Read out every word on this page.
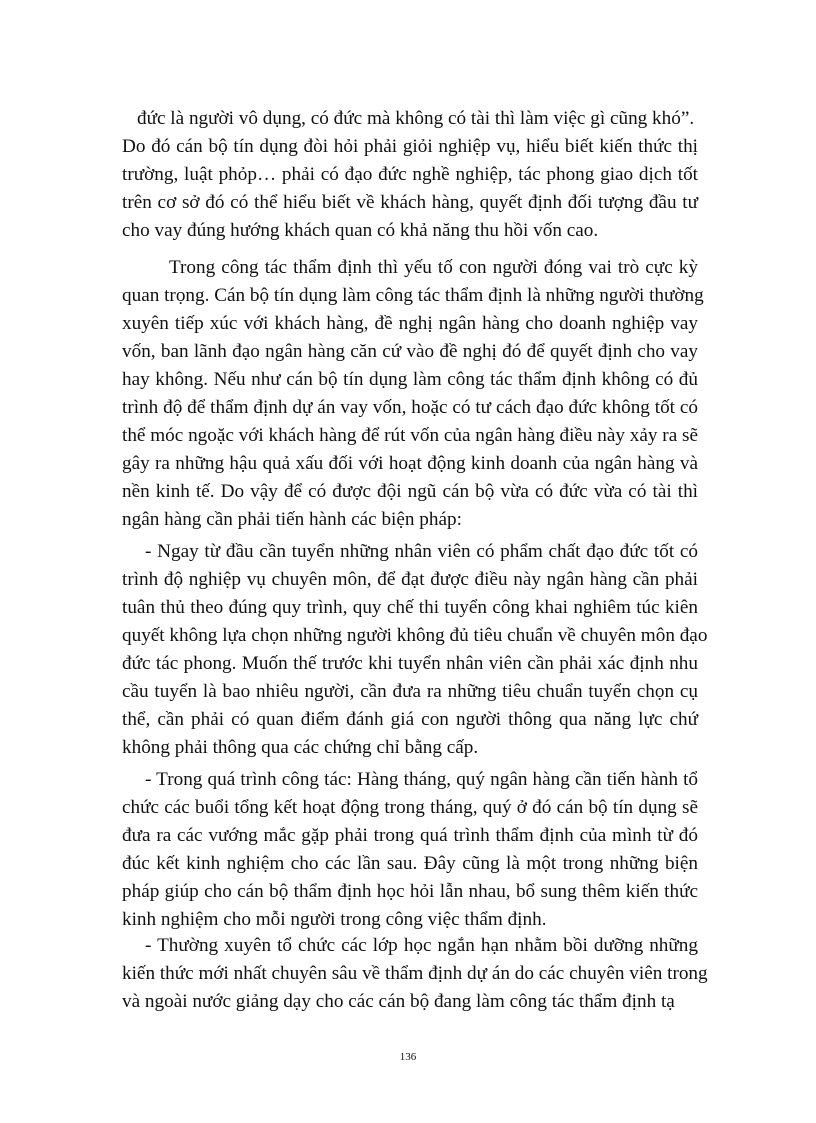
đức là người vô dụng, có đức mà không có tài thì làm việc gì cũng khó”.
Do đó cán bộ tín dụng đòi hỏi phải giỏi nghiệp vụ, hiểu biết kiến thức thị
trường, luật phỏp… phải có đạo đức nghề nghiệp, tác phong giao dịch tốt
trên cơ sở đó có thể hiểu biết về khách hàng, quyết định đối tượng đầu tư
cho vay đúng hướng khách quan có khả năng thu hồi vốn cao.
Trong công tác thẩm định thì yếu tố con người đóng vai trò cực kỳ
quan trọng. Cán bộ tín dụng làm công tác thẩm định là những người thường
xuyên tiếp xúc với khách hàng, đề nghị ngân hàng cho doanh nghiệp vay
vốn, ban lãnh đạo ngân hàng căn cứ vào đề nghị đó để quyết định cho vay
hay không. Nếu như cán bộ tín dụng làm công tác thẩm định không có đủ
trình độ để thẩm định dự án vay vốn, hoặc có tư cách đạo đức không tốt có
thể móc ngoặc với khách hàng để rút vốn của ngân hàng điều này xảy ra sẽ
gây ra những hậu quả xấu đối với hoạt động kinh doanh của ngân hàng và
nền kinh tế. Do vậy để có được đội ngũ cán bộ vừa có đức vừa có tài thì
ngân hàng cần phải tiến hành các biện pháp:
- Ngay từ đầu cần tuyển những nhân viên có phẩm chất đạo đức tốt có
trình độ nghiệp vụ chuyên môn, để đạt được điều này ngân hàng cần phải
tuân thủ theo đúng quy trình, quy chế thi tuyển công khai nghiêm túc kiên
quyết không lựa chọn những người không đủ tiêu chuẩn về chuyên môn đạo
đức tác phong. Muốn thế trước khi tuyển nhân viên cần phải xác định nhu
cầu tuyển là bao nhiêu người, cần đưa ra những tiêu chuẩn tuyển chọn cụ
thể, cần phải có quan điểm đánh giá con người thông qua năng lực chứ
không phải thông qua các chứng chỉ bằng cấp.
- Trong quá trình công tác: Hàng tháng, quý ngân hàng cần tiến hành tổ
chức các buổi tổng kết hoạt động trong tháng, quý ở đó cán bộ tín dụng sẽ
đưa ra các vướng mắc gặp phải trong quá trình thẩm định của mình từ đó
đúc kết kinh nghiệm cho các lần sau. Đây cũng là một trong những biện
pháp giúp cho cán bộ thẩm định học hỏi lẫn nhau, bổ sung thêm kiến thức
kinh nghiệm cho mỗi người trong công việc thẩm định.
- Thường xuyên tổ chức các lớp học ngắn hạn nhằm bồi dưỡng những
kiến thức mới nhất chuyên sâu về thẩm định dự án do các chuyên viên trong
và ngoài nước giảng dạy cho các cán bộ đang làm công tác thẩm định tạ
136
